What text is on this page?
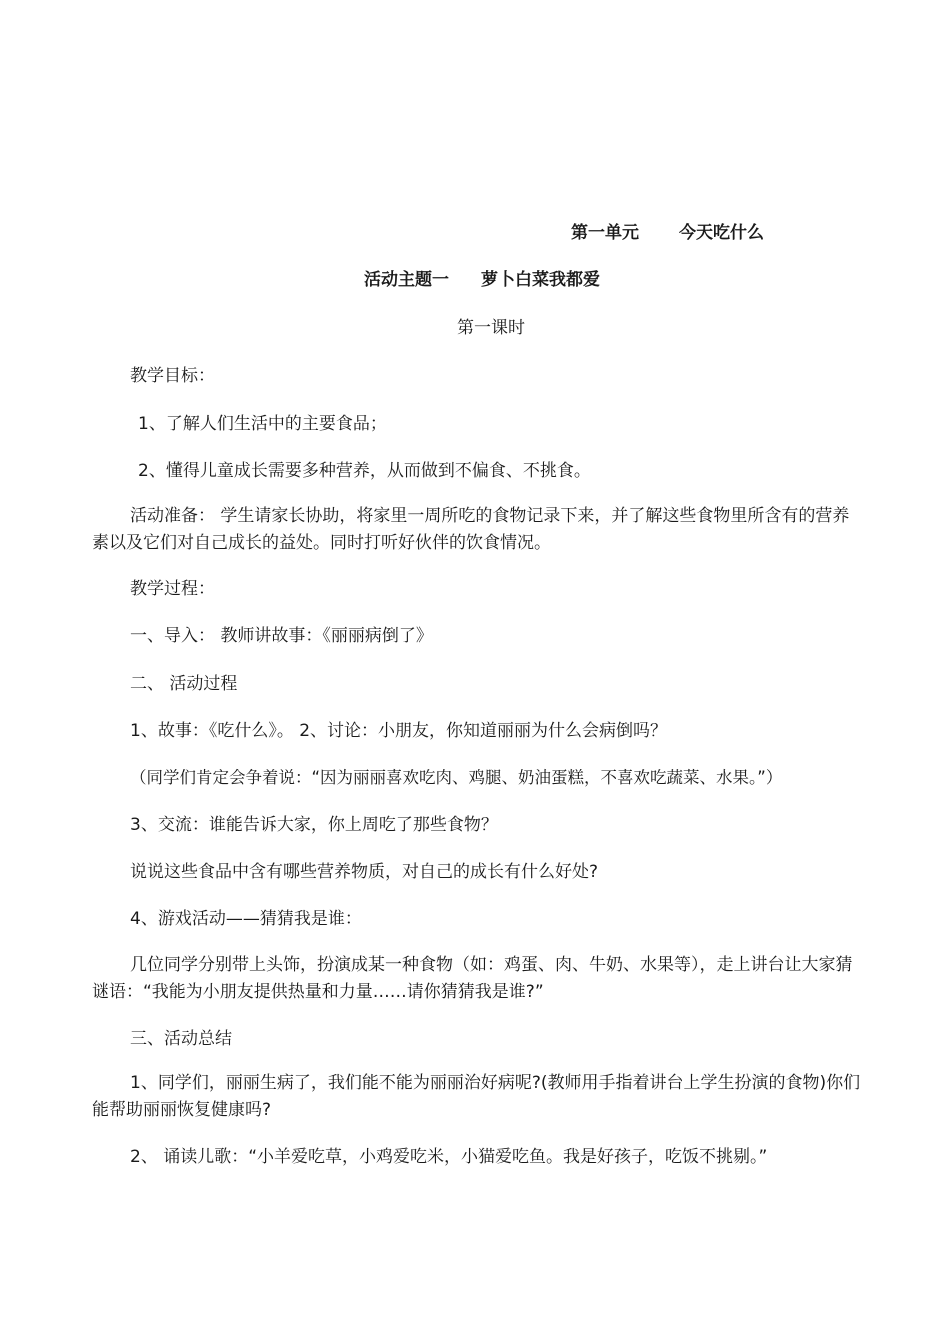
第一单元 今天吃什么
活动主题一 萝卜白菜我都爱
第一课时
教学目标：
1、了解人们生活中的主要食品；
2、懂得儿童成长需要多种营养，从而做到不偏食、不挑食。

活动准备： 学生请家长协助，将家里一周所吃的食物记录下来，并了解这些食物里所含有的营养素以及它们对自己成长的益处。同时打听好伙伴的饮食情况。

教学过程：
一、导入： 教师讲故事：《丽丽病倒了》
二、 活动过程
1、故事：《吃什么》。 2、讨论：小朋友，你知道丽丽为什么会病倒吗？
（同学们肯定会争着说：“因为丽丽喜欢吃肉、鸡腿、奶油蛋糕，不喜欢吃蔬菜、水果。”）
3、交流：谁能告诉大家，你上周吃了那些食物？
说说这些食品中含有哪些营养物质，对自己的成长有什么好处?
4、游戏活动——猜猜我是谁：

几位同学分别带上头饰，扮演成某一种食物（如：鸡蛋、肉、牛奶、水果等），走上讲台让大家猜谜语：“我能为小朋友提供热量和力量……请你猜猜我是谁?”

三、活动总结

1、同学们，丽丽生病了，我们能不能为丽丽治好病呢?(教师用手指着讲台上学生扮演的食物)你们能帮助丽丽恢复健康吗?

2、 诵读儿歌：“小羊爱吃草，小鸡爱吃米，小猫爱吃鱼。我是好孩子，吃饭不挑剔。”
